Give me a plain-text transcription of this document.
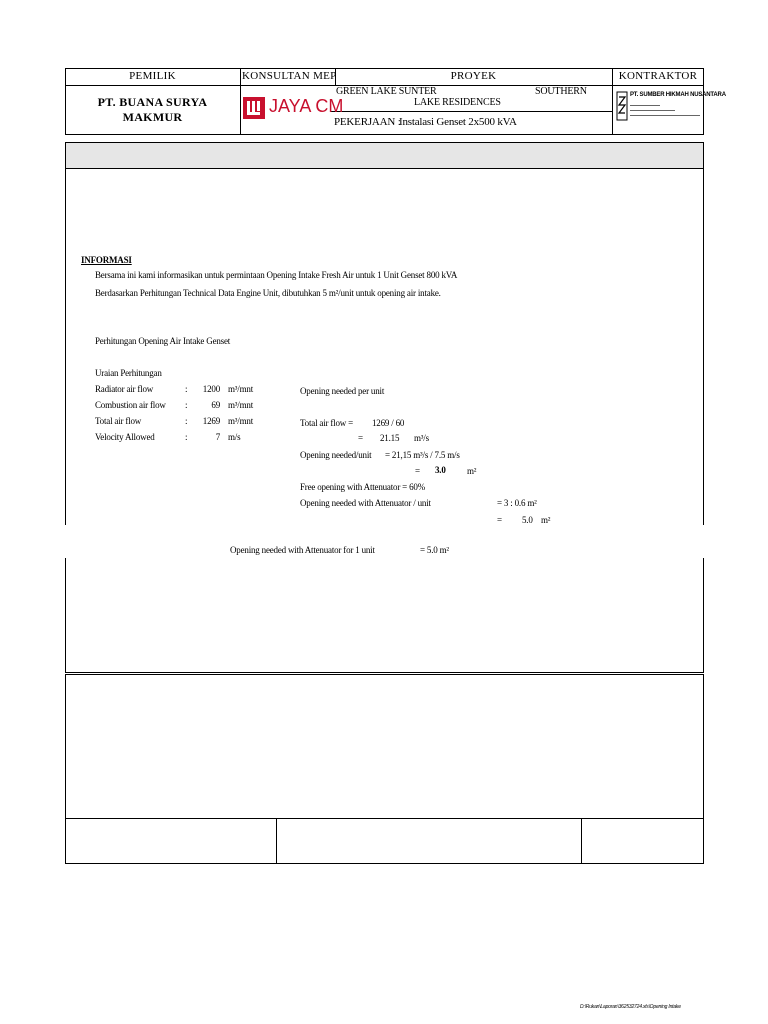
PEMILIK	KONSULTAN MEP	PROYEK	KONTRAKTOR
PT. BUANA SURYA
MAKMUR
JAYA CM
GREEN LAKE SUNTER	SOUTHERN
LAKE RESIDENCES
PEKERJAAN :
Instalasi Genset 2x500 kVA
PT. SUMBER HIKMAH NUSANTARA
INFORMASI
Bersama ini kami informasikan untuk permintaan Opening Intake Fresh Air untuk 1 Unit Genset 800 kVA
Berdasarkan Perhitungan Technical Data Engine Unit, dibutuhkan 5 m²/unit untuk opening air intake.
Perhitungan Opening Air Intake Genset
Uraian Perhitungan
Radiator air flow	:	1200 m³/mnt
Combustion air flow :	69 m³/mnt
Total air flow	:	1269 m³/mnt
Velocity Allowed	:	7 m/s
Opening needed per unit
Total air flow = 1269 / 60
= 21.15 m³/s
Opening needed/unit = 21,15 m³/s / 7.5 m/s
= 3.0 m²
Free opening with Attenuator = 60%
Opening needed with Attenuator / unit	= 3 : 0.6 m²
= 5.0 m²
Opening needed with Attenuator for 1 unit	= 5.0 m²
D:\Rukan\Laporan\362532724.xls\Opening Intake
